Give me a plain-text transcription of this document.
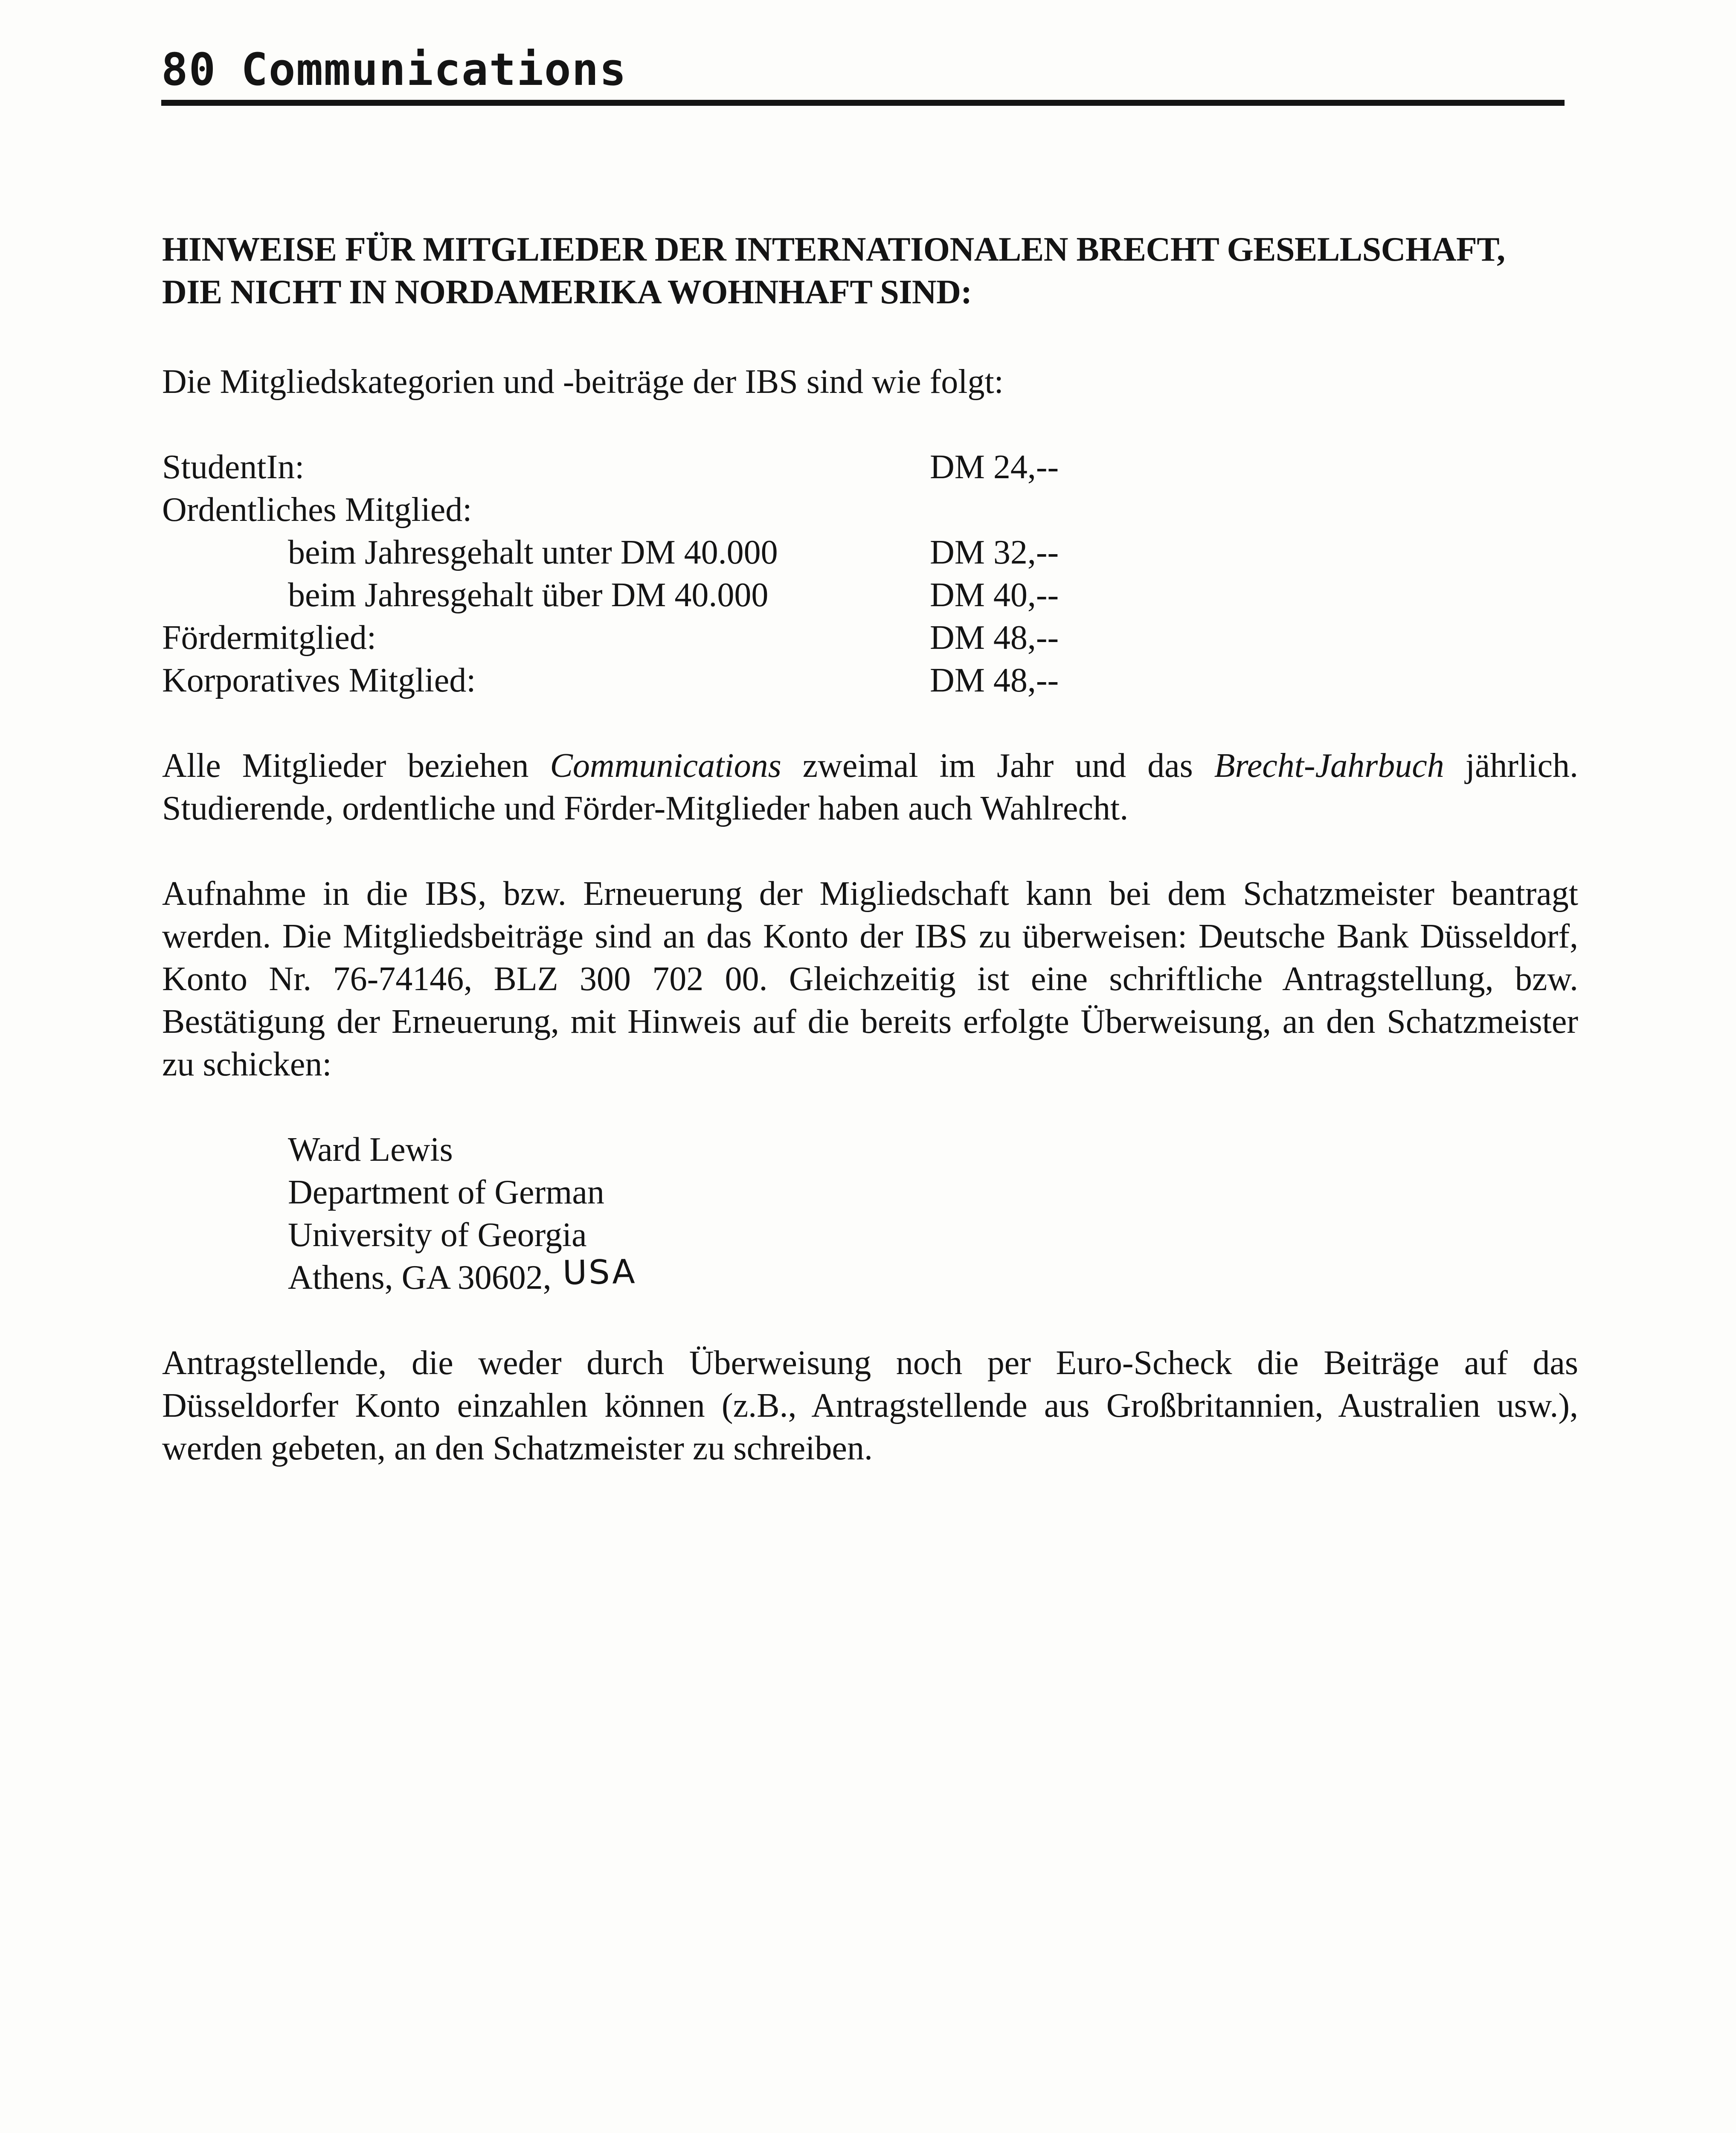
80 Communications

HINWEISE FÜR MITGLIEDER DER INTERNATIONALEN BRECHT GESELLSCHAFT,

DIE NICHT IN NORDAMERIKA WOHNHAFT SIND:

Die Mitgliedskategorien und -beiträge der IBS sind wie folgt:

StudentIn:	DM 24,--
Ordentliches Mitglied:
beim Jahresgehalt unter DM 40.000	DM 32,--
beim Jahresgehalt über DM 40.000	DM 40,--
Fördermitglied:	DM 48,--
Korporatives Mitglied:	DM 48,--

Alle Mitglieder beziehen Communications zweimal im Jahr und das Brecht-Jahrbuch jährlich. Studierende, ordentliche und Förder-Mitglieder haben auch Wahlrecht.

Aufnahme in die IBS, bzw. Erneuerung der Migliedschaft kann bei dem Schatzmeister beantragt werden. Die Mitgliedsbeiträge sind an das Konto der IBS zu überweisen: Deutsche Bank Düsseldorf, Konto Nr. 76-74146, BLZ 300 702 00. Gleichzeitig ist eine schriftliche Antragstellung, bzw. Bestätigung der Erneuerung, mit Hinweis auf die bereits erfolgte Überweisung, an den Schatzmeister zu schicken:

Ward Lewis
Department of German
University of Georgia
Athens, GA 30602, USA

Antragstellende, die weder durch Überweisung noch per Euro-Scheck die Beiträge auf das Düsseldorfer Konto einzahlen können (z.B., Antragstellende aus Großbritannien, Australien usw.), werden gebeten, an den Schatzmeister zu schreiben.
